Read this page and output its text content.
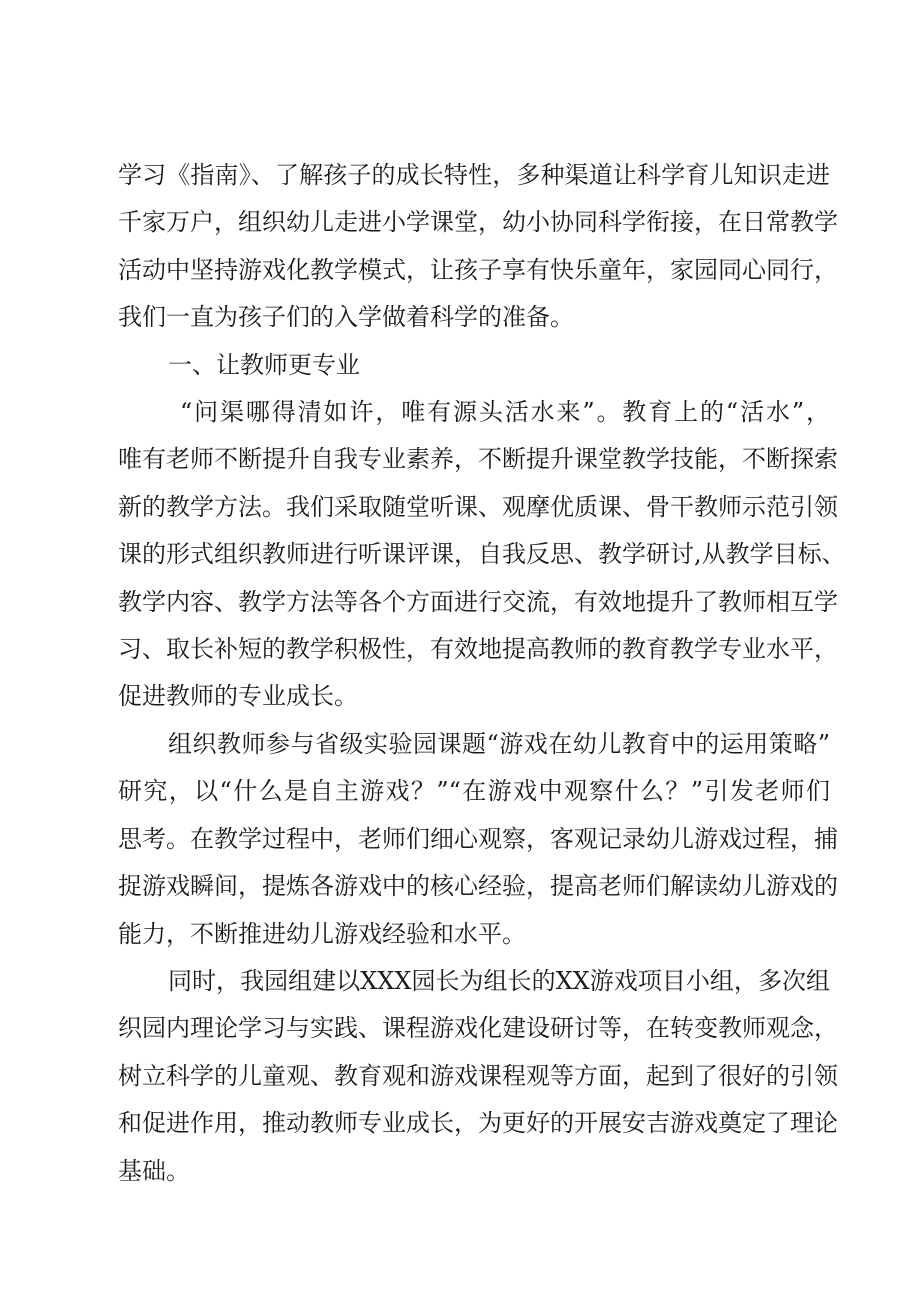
学习《指南》、了解孩子的成长特性，多种渠道让科学育儿知识走进
千家万户，组织幼儿走进小学课堂，幼小协同科学衔接，在日常教学
活动中坚持游戏化教学模式，让孩子享有快乐童年，家园同心同行，
我们一直为孩子们的入学做着科学的准备。
一、让教师更专业
“问渠哪得清如许，唯有源头活水来”。教育上的“活水”，
唯有老师不断提升自我专业素养，不断提升课堂教学技能，不断探索
新的教学方法。我们采取随堂听课、观摩优质课、骨干教师示范引领
课的形式组织教师进行听课评课，自我反思、教学研讨,从教学目标、
教学内容、教学方法等各个方面进行交流，有效地提升了教师相互学
习、取长补短的教学积极性，有效地提高教师的教育教学专业水平，
促进教师的专业成长。
组织教师参与省级实验园课题“游戏在幼儿教育中的运用策略”
研究，以“什么是自主游戏？”“在游戏中观察什么？”引发老师们
思考。在教学过程中，老师们细心观察，客观记录幼儿游戏过程，捕
捉游戏瞬间，提炼各游戏中的核心经验，提高老师们解读幼儿游戏的
能力，不断推进幼儿游戏经验和水平。
同时，我园组建以XXX园长为组长的XX游戏项目小组，多次组
织园内理论学习与实践、课程游戏化建设研讨等，在转变教师观念，
树立科学的儿童观、教育观和游戏课程观等方面，起到了很好的引领
和促进作用，推动教师专业成长，为更好的开展安吉游戏奠定了理论
基础。
